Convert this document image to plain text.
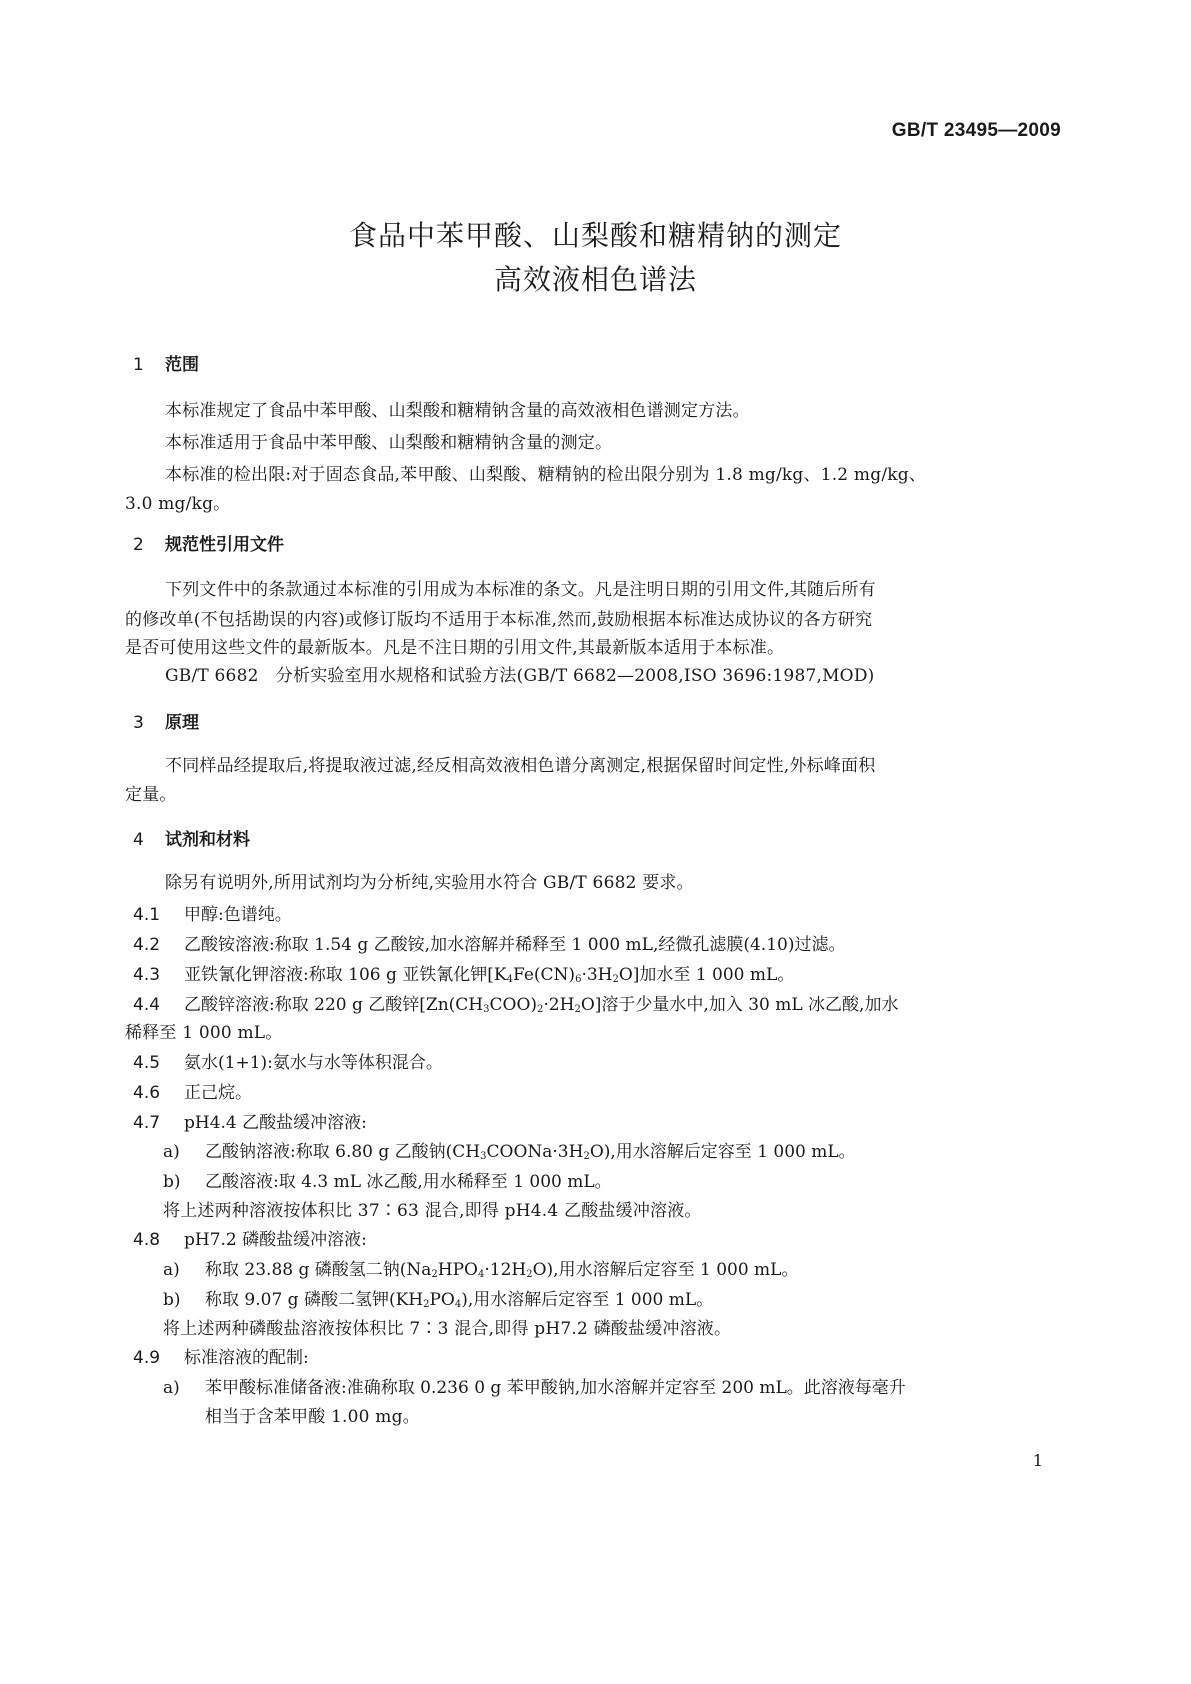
GB/T 23495—2009
食品中苯甲酸、山梨酸和糖精钠的测定
高效液相色谱法
1 范围
本标准规定了食品中苯甲酸、山梨酸和糖精钠含量的高效液相色谱测定方法。
本标准适用于食品中苯甲酸、山梨酸和糖精钠含量的测定。
本标准的检出限:对于固态食品,苯甲酸、山梨酸、糖精钠的检出限分别为 1.8 mg/kg、1.2 mg/kg、
3.0 mg/kg。
2 规范性引用文件
下列文件中的条款通过本标准的引用成为本标准的条文。凡是注明日期的引用文件,其随后所有
的修改单(不包括勘误的内容)或修订版均不适用于本标准,然而,鼓励根据本标准达成协议的各方研究
是否可使用这些文件的最新版本。凡是不注日期的引用文件,其最新版本适用于本标准。
GB/T 6682　分析实验室用水规格和试验方法(GB/T 6682—2008,ISO 3696:1987,MOD)
3 原理
不同样品经提取后,将提取液过滤,经反相高效液相色谱分离测定,根据保留时间定性,外标峰面积
定量。
4 试剂和材料
除另有说明外,所用试剂均为分析纯,实验用水符合 GB/T 6682 要求。
4.1 甲醇:色谱纯。
4.2 乙酸铵溶液:称取 1.54 g 乙酸铵,加水溶解并稀释至 1 000 mL,经微孔滤膜(4.10)过滤。
4.3 亚铁氰化钾溶液:称取 106 g 亚铁氰化钾$[K_4Fe(CN)_6\cdot 3H_2O]$加水至 1 000 mL。
4.4 乙酸锌溶液:称取 220 g 乙酸锌$[Zn(CH_3COO)_2\cdot 2H_2O]$溶于少量水中,加入 30 mL 冰乙酸,加水
稀释至 1 000 mL。
4.5 氨水(1+1):氨水与水等体积混合。
4.6 正己烷。
4.7 pH4.4 乙酸盐缓冲溶液:
a) 乙酸钠溶液:称取 6.80 g 乙酸钠$(CH_3COONa\cdot 3H_2O)$,用水溶解后定容至 1 000 mL。
b) 乙酸溶液:取 4.3 mL 冰乙酸,用水稀释至 1 000 mL。
将上述两种溶液按体积比 37∶63 混合,即得 pH4.4 乙酸盐缓冲溶液。
4.8 pH7.2 磷酸盐缓冲溶液:
a) 称取 23.88 g 磷酸氢二钠$(Na_2HPO_4\cdot 12H_2O)$,用水溶解后定容至 1 000 mL。
b) 称取 9.07 g 磷酸二氢钾$(KH_2PO_4)$,用水溶解后定容至 1 000 mL。
将上述两种磷酸盐溶液按体积比 7∶3 混合,即得 pH7.2 磷酸盐缓冲溶液。
4.9 标准溶液的配制:
a) 苯甲酸标准储备液:准确称取 0.236 0 g 苯甲酸钠,加水溶解并定容至 200 mL。此溶液每毫升
相当于含苯甲酸 1.00 mg。
1
